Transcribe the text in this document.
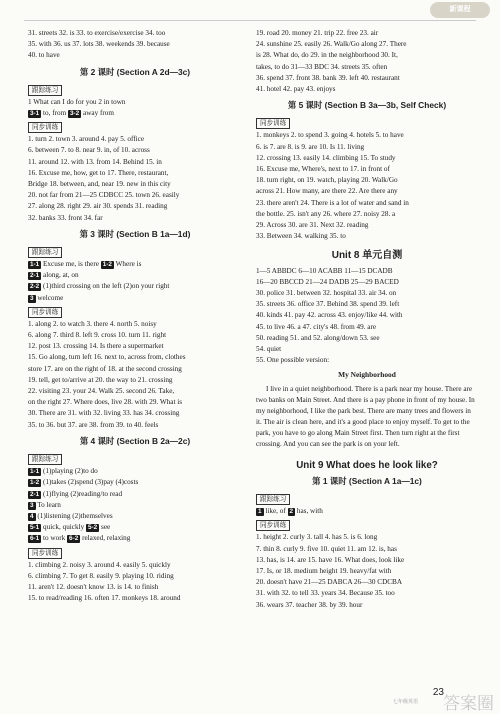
新课程
31. streets 32. is 33. to exercise/exercise 34. too
35. with 36. us 37. lots 38. weekends 39. because
40. to have
第 2 课时 (Section A 2d—3c)
跟踪练习
1 What can I do for you 2 in town
3-1 to, from 3-2 away from
同步训练
1. turn 2. town 3. around 4. pay 5. office
6. between 7. to 8. near 9. in, of 10. across
11. around 12. with 13. from 14. Behind 15. in
16. Excuse me, how, get to 17. There, restaurant,
Bridge 18. between, and, near 19. new in this city
20. not far from 21—25 CDBCC 25. town 26. easily
27. along 28. right 29. air 30. spends 31. reading
32. banks 33. front 34. far
第 3 课时 (Section B 1a—1d)
跟踪练习
1-1 Excuse me, is there 1-2 Where is
2-1 along, at, on
2-2 (1)third crossing on the left (2)on your right
3 welcome
同步训练
1. along 2. to watch 3. there 4. north 5. noisy
6. along 7. third 8. left 9. cross 10. turn 11. right
12. post 13. crossing 14. Is there a supermarket
15. Go along, turn left 16. next to, across from, clothes
store 17. are on the right of 18. at the second crossing
19. tell, get to/arrive at 20. the way to 21. crossing
22. visiting 23. your 24. Walk 25. second 26. Take,
on the right 27. Where does, live 28. with 29. What is
30. There are 31. with 32. living 33. has 34. crossing
35. to 36. but 37. are 38. from 39. to 40. feels
第 4 课时 (Section B 2a—2c)
跟踪练习
1-1 (1)playing (2)to do
1-2 (1)takes (2)spend (3)pay (4)costs
2-1 (1)flying (2)reading/to read
3 To learn
4 (1)listening (2)themselves
5-1 quick, quickly 5-2 see
6-1 to work 6-2 relaxed, relaxing
同步训练
1. climbing 2. noisy 3. around 4. easily 5. quickly
6. climbing 7. To get 8. easily 9. playing 10. riding
11. aren't 12. doesn't know 13. is 14. to finish
15. to read/reading 16. often 17. monkeys 18. around
19. road 20. money 21. trip 22. free 23. air
24. sunshine 25. easily 26. Walk/Go along 27. There
is 28. What do, do 29. in the neighborhood 30. It,
takes, to do 31—33 BDC 34. streets 35. often
36. spend 37. front 38. bank 39. left 40. restaurant
41. hotel 42. pay 43. enjoys
第 5 课时 (Section B 3a—3b, Self Check)
同步训练
1. monkeys 2. to spend 3. going 4. hotels 5. to have
6. is 7. are 8. is 9. are 10. Is 11. living
12. crossing 13. easily 14. climbing 15. To study
16. Excuse me, Where's, next to 17. in front of
18. turn right, on 19. watch, playing 20. Walk/Go
across 21. How many, are there 22. Are there any
23. there aren't 24. There is a lot of water and sand in
the bottle. 25. isn't any 26. where 27. noisy 28. a
29. Across 30. are 31. Next 32. reading
33. Between 34. walking 35. to
Unit 8 单元自测
1—5 ABBDC 6—10 ACABB 11—15 DCADB
16—20 BBCCD 21—24 DADB 25—29 BACED
30. police 31. between 32. hospital 33. air 34. on
35. streets 36. office 37. Behind 38. spend 39. left
40. kinds 41. pay 42. across 43. enjoy/like 44. with
45. to live 46. a 47. city's 48. from 49. are
50. reading 51. and 52. along/down 53. see
54. quiet
55. One possible version:
My Neighborhood
I live in a quiet neighborhood. There is a park near my house. There are two banks on Main Street. And there is a pay phone in front of my house. In my neighborhood, I like the park best. There are many trees and flowers in it. The air is clean here, and it's a good place to enjoy myself. To get to the park, you have to go along Main Street first. Then turn right at the first crossing. And you can see the park is on your left.
Unit 9 What does he look like?
第 1 课时 (Section A 1a—1c)
跟踪练习
1 like, of 2 has, with
同步训练
1. height 2. curly 3. tall 4. has 5. is 6. long
7. thin 8. curly 9. five 10. quiet 11. am 12. is, has
13. has, is 14. are 15. have 16. What does, look like
17. Is, or 18. medium height 19. heavy/fat with
20. doesn't have 21—25 DABCA 26—30 CDCBA
31. with 32. to tell 33. years 34. Because 35. too
36. wears 37. teacher 38. by 39. hour
七年级英语
23
答案圈
